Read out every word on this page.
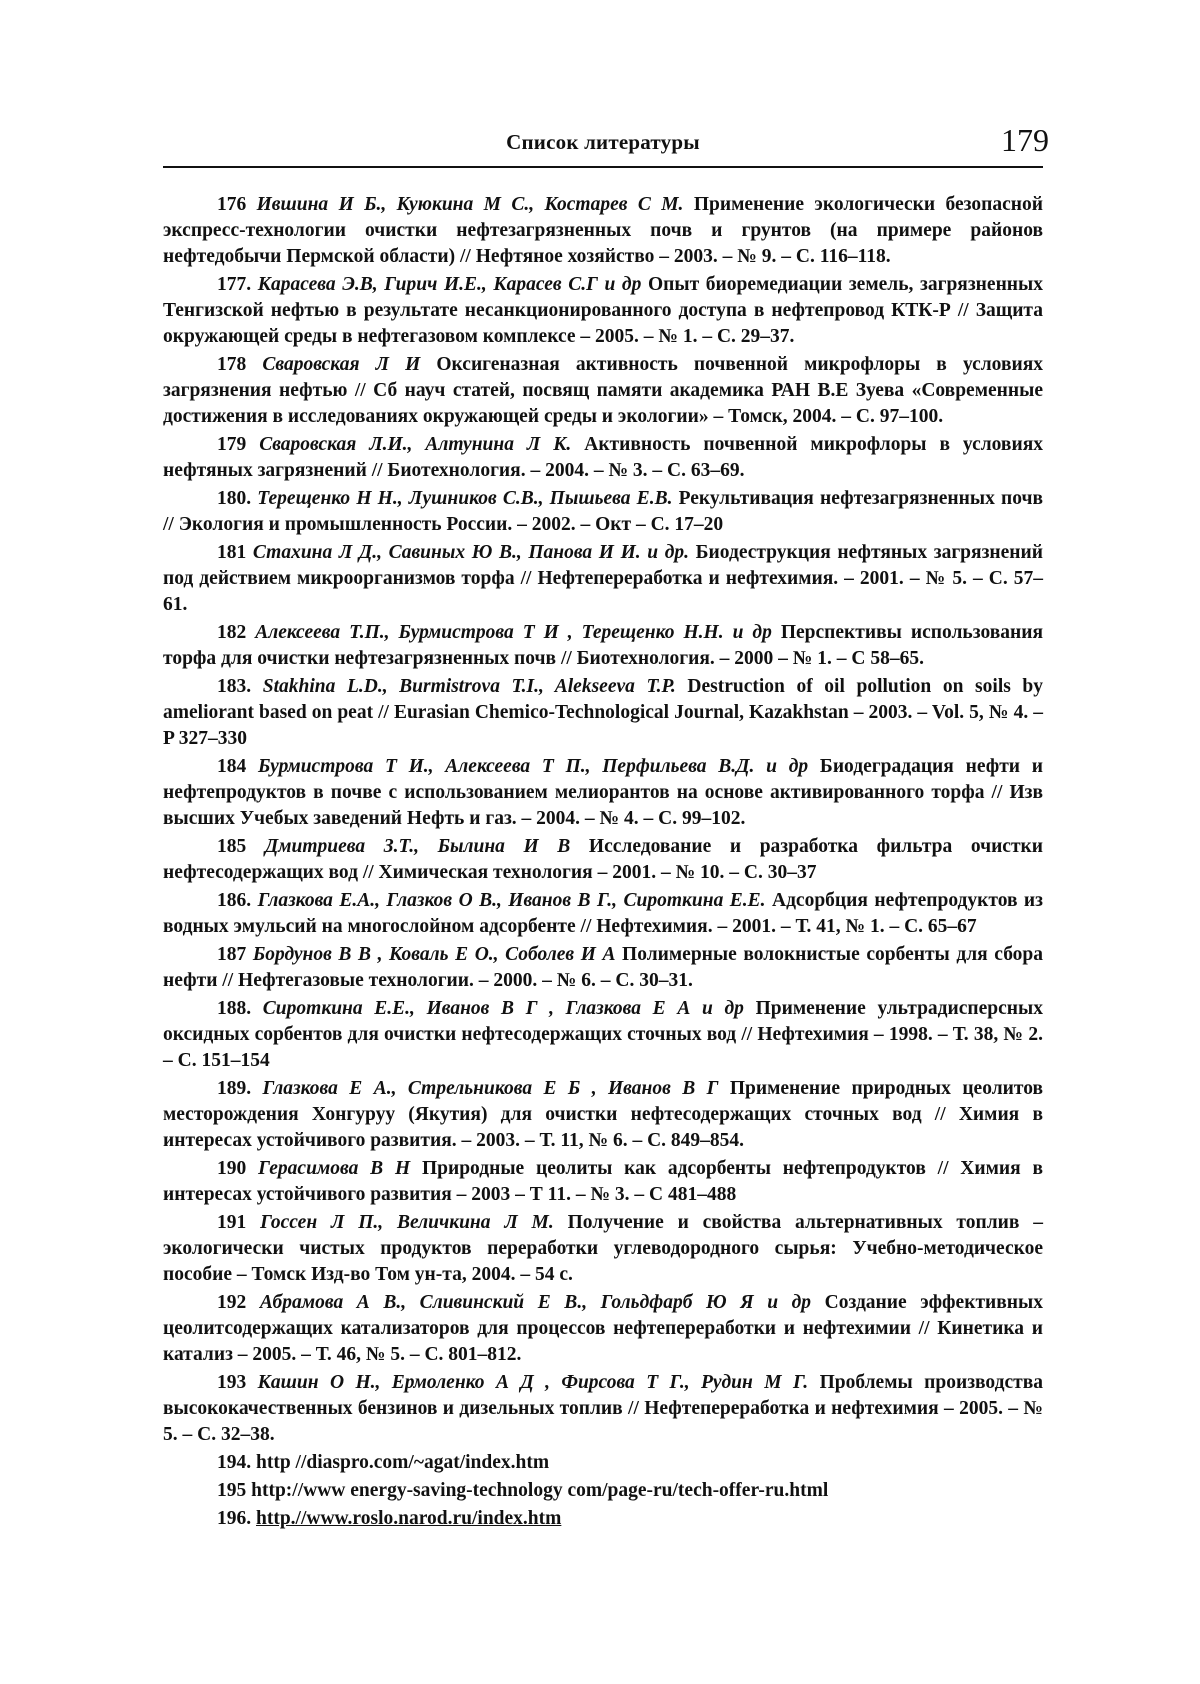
Список литературы	179

176 Ившина И Б., Куюкина М С., Костарев С М. Применение экологически безопасной экспресс-технологии очистки нефтезагрязненных почв и грунтов (на примере районов нефтедобычи Пермской области) // Нефтяное хозяйство – 2003. – № 9. – С. 116–118.

177. Карасева Э.В, Гирич И.Е., Карасев С.Г и др Опыт биоремедиации земель, загрязненных Тенгизской нефтью в результате несанкционированного доступа в нефтепровод КТК-Р // Защита окружающей среды в нефтегазовом комплексе – 2005. – № 1. – С. 29–37.

178 Сваровская Л И Оксигеназная активность почвенной микрофлоры в условиях загрязнения нефтью // Сб науч статей, посвящ памяти академика РАН В.Е Зуева «Современные достижения в исследованиях окружающей среды и экологии» – Томск, 2004. – С. 97–100.

179 Сваровская Л.И., Алтунина Л К. Активность почвенной микрофлоры в условиях нефтяных загрязнений // Биотехнология. – 2004. – № 3. – С. 63–69.

180. Терещенко Н Н., Лушников С.В., Пышьева Е.В. Рекультивация нефтезагрязненных почв // Экология и промышленность России. – 2002. – Окт – С. 17–20

181 Стахина Л Д., Савиных Ю В., Панова И И. и др. Биодеструкция нефтяных загрязнений под действием микроорганизмов торфа // Нефтепереработка и нефтехимия. – 2001. – № 5. – С. 57–61.

182 Алексеева Т.П., Бурмистрова Т И , Терещенко Н.Н. и др Перспективы использования торфа для очистки нефтезагрязненных почв // Биотехнология. – 2000 – № 1. – С 58–65.

183. Stakhina L.D., Burmistrova T.I., Alekseeva T.P. Destruction of oil pollution on soils by ameliorant based on peat // Eurasian Chemico-Technological Journal, Kazakhstan – 2003. – Vol. 5, № 4. – P 327–330

184 Бурмистрова Т И., Алексеева Т П., Перфильева В.Д. и др Биодеградация нефти и нефтепродуктов в почве с использованием мелиорантов на основе активированного торфа // Изв высших Учебых заведений Нефть и газ. – 2004. – № 4. – С. 99–102.

185 Дмитриева З.Т., Былина И В Исследование и разработка фильтра очистки нефтесодержащих вод // Химическая технология – 2001. – № 10. – С. 30–37

186. Глазкова Е.А., Глазков О В., Иванов В Г., Сироткина Е.Е. Адсорбция нефтепродуктов из водных эмульсий на многослойном адсорбенте // Нефтехимия. – 2001. – Т. 41, № 1. – С. 65–67

187 Бордунов В В , Коваль Е О., Соболев И А Полимерные волокнистые сорбенты для сбора нефти // Нефтегазовые технологии. – 2000. – № 6. – С. 30–31.

188. Сироткина Е.Е., Иванов В Г , Глазкова Е А и др Применение ультрадисперсных оксидных сорбентов для очистки нефтесодержащих сточных вод // Нефтехимия – 1998. – Т. 38, № 2. – С. 151–154

189. Глазкова Е А., Стрельникова Е Б , Иванов В Г Применение природных цеолитов месторождения Хонгуруу (Якутия) для очистки нефтесодержащих сточных вод // Химия в интересах устойчивого развития. – 2003. – Т. 11, № 6. – С. 849–854.

190 Герасимова В Н Природные цеолиты как адсорбенты нефтепродуктов // Химия в интересах устойчивого развития – 2003 – Т 11. – № 3. – С 481–488

191 Госсен Л П., Величкина Л М. Получение и свойства альтернативных топлив – экологически чистых продуктов переработки углеводородного сырья: Учебно-методическое пособие – Томск Изд-во Том ун-та, 2004. – 54 с.

192 Абрамова А В., Сливинский Е В., Гольдфарб Ю Я и др Создание эффективных цеолитсодержащих катализаторов для процессов нефтепереработки и нефтехимии // Кинетика и катализ – 2005. – Т. 46, № 5. – С. 801–812.

193 Кашин О Н., Ермоленко А Д , Фирсова Т Г., Рудин М Г. Проблемы производства высококачественных бензинов и дизельных топлив // Нефтепереработка и нефтехимия – 2005. – № 5. – С. 32–38.

194. http //diaspro.com/~agat/index.htm

195 http://www energy-saving-technology com/page-ru/tech-offer-ru.html

196. http.//www.roslo.narod.ru/index.htm
